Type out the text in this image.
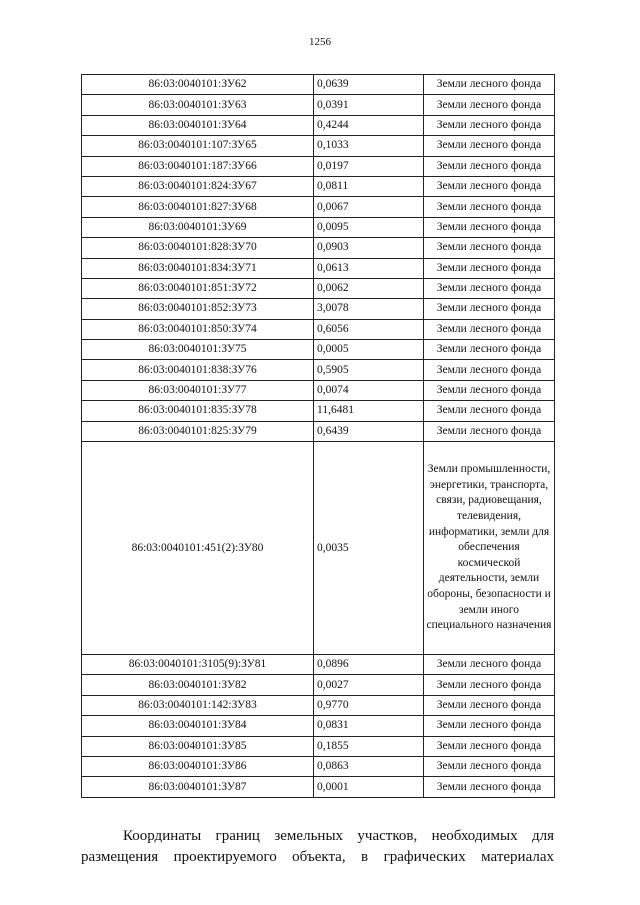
1256
86:03:0040101:ЗУ62	0,0639	Земли лесного фонда
86:03:0040101:ЗУ63	0,0391	Земли лесного фонда
86:03:0040101:ЗУ64	0,4244	Земли лесного фонда
86:03:0040101:107:ЗУ65	0,1033	Земли лесного фонда
86:03:0040101:187:ЗУ66	0,0197	Земли лесного фонда
86:03:0040101:824:ЗУ67	0,0811	Земли лесного фонда
86:03:0040101:827:ЗУ68	0,0067	Земли лесного фонда
86:03:0040101:ЗУ69	0,0095	Земли лесного фонда
86:03:0040101:828:ЗУ70	0,0903	Земли лесного фонда
86:03:0040101:834:ЗУ71	0,0613	Земли лесного фонда
86:03:0040101:851:ЗУ72	0,0062	Земли лесного фонда
86:03:0040101:852:ЗУ73	3,0078	Земли лесного фонда
86:03:0040101:850:ЗУ74	0,6056	Земли лесного фонда
86:03:0040101:ЗУ75	0,0005	Земли лесного фонда
86:03:0040101:838:ЗУ76	0,5905	Земли лесного фонда
86:03:0040101:ЗУ77	0,0074	Земли лесного фонда
86:03:0040101:835:ЗУ78	11,6481	Земли лесного фонда
86:03:0040101:825:ЗУ79	0,6439	Земли лесного фонда
86:03:0040101:451(2):ЗУ80	0,0035	Земли промышленности, энергетики, транспорта, связи, радиовещания, телевидения, информатики, земли для обеспечения космической деятельности, земли обороны, безопасности и земли иного специального назначения
86:03:0040101:3105(9):ЗУ81	0,0896	Земли лесного фонда
86:03:0040101:ЗУ82	0,0027	Земли лесного фонда
86:03:0040101:142:ЗУ83	0,9770	Земли лесного фонда
86:03:0040101:ЗУ84	0,0831	Земли лесного фонда
86:03:0040101:ЗУ85	0,1855	Земли лесного фонда
86:03:0040101:ЗУ86	0,0863	Земли лесного фонда
86:03:0040101:ЗУ87	0,0001	Земли лесного фонда
Координаты границ земельных участков, необходимых для
размещения проектируемого объекта, в графических материалах
